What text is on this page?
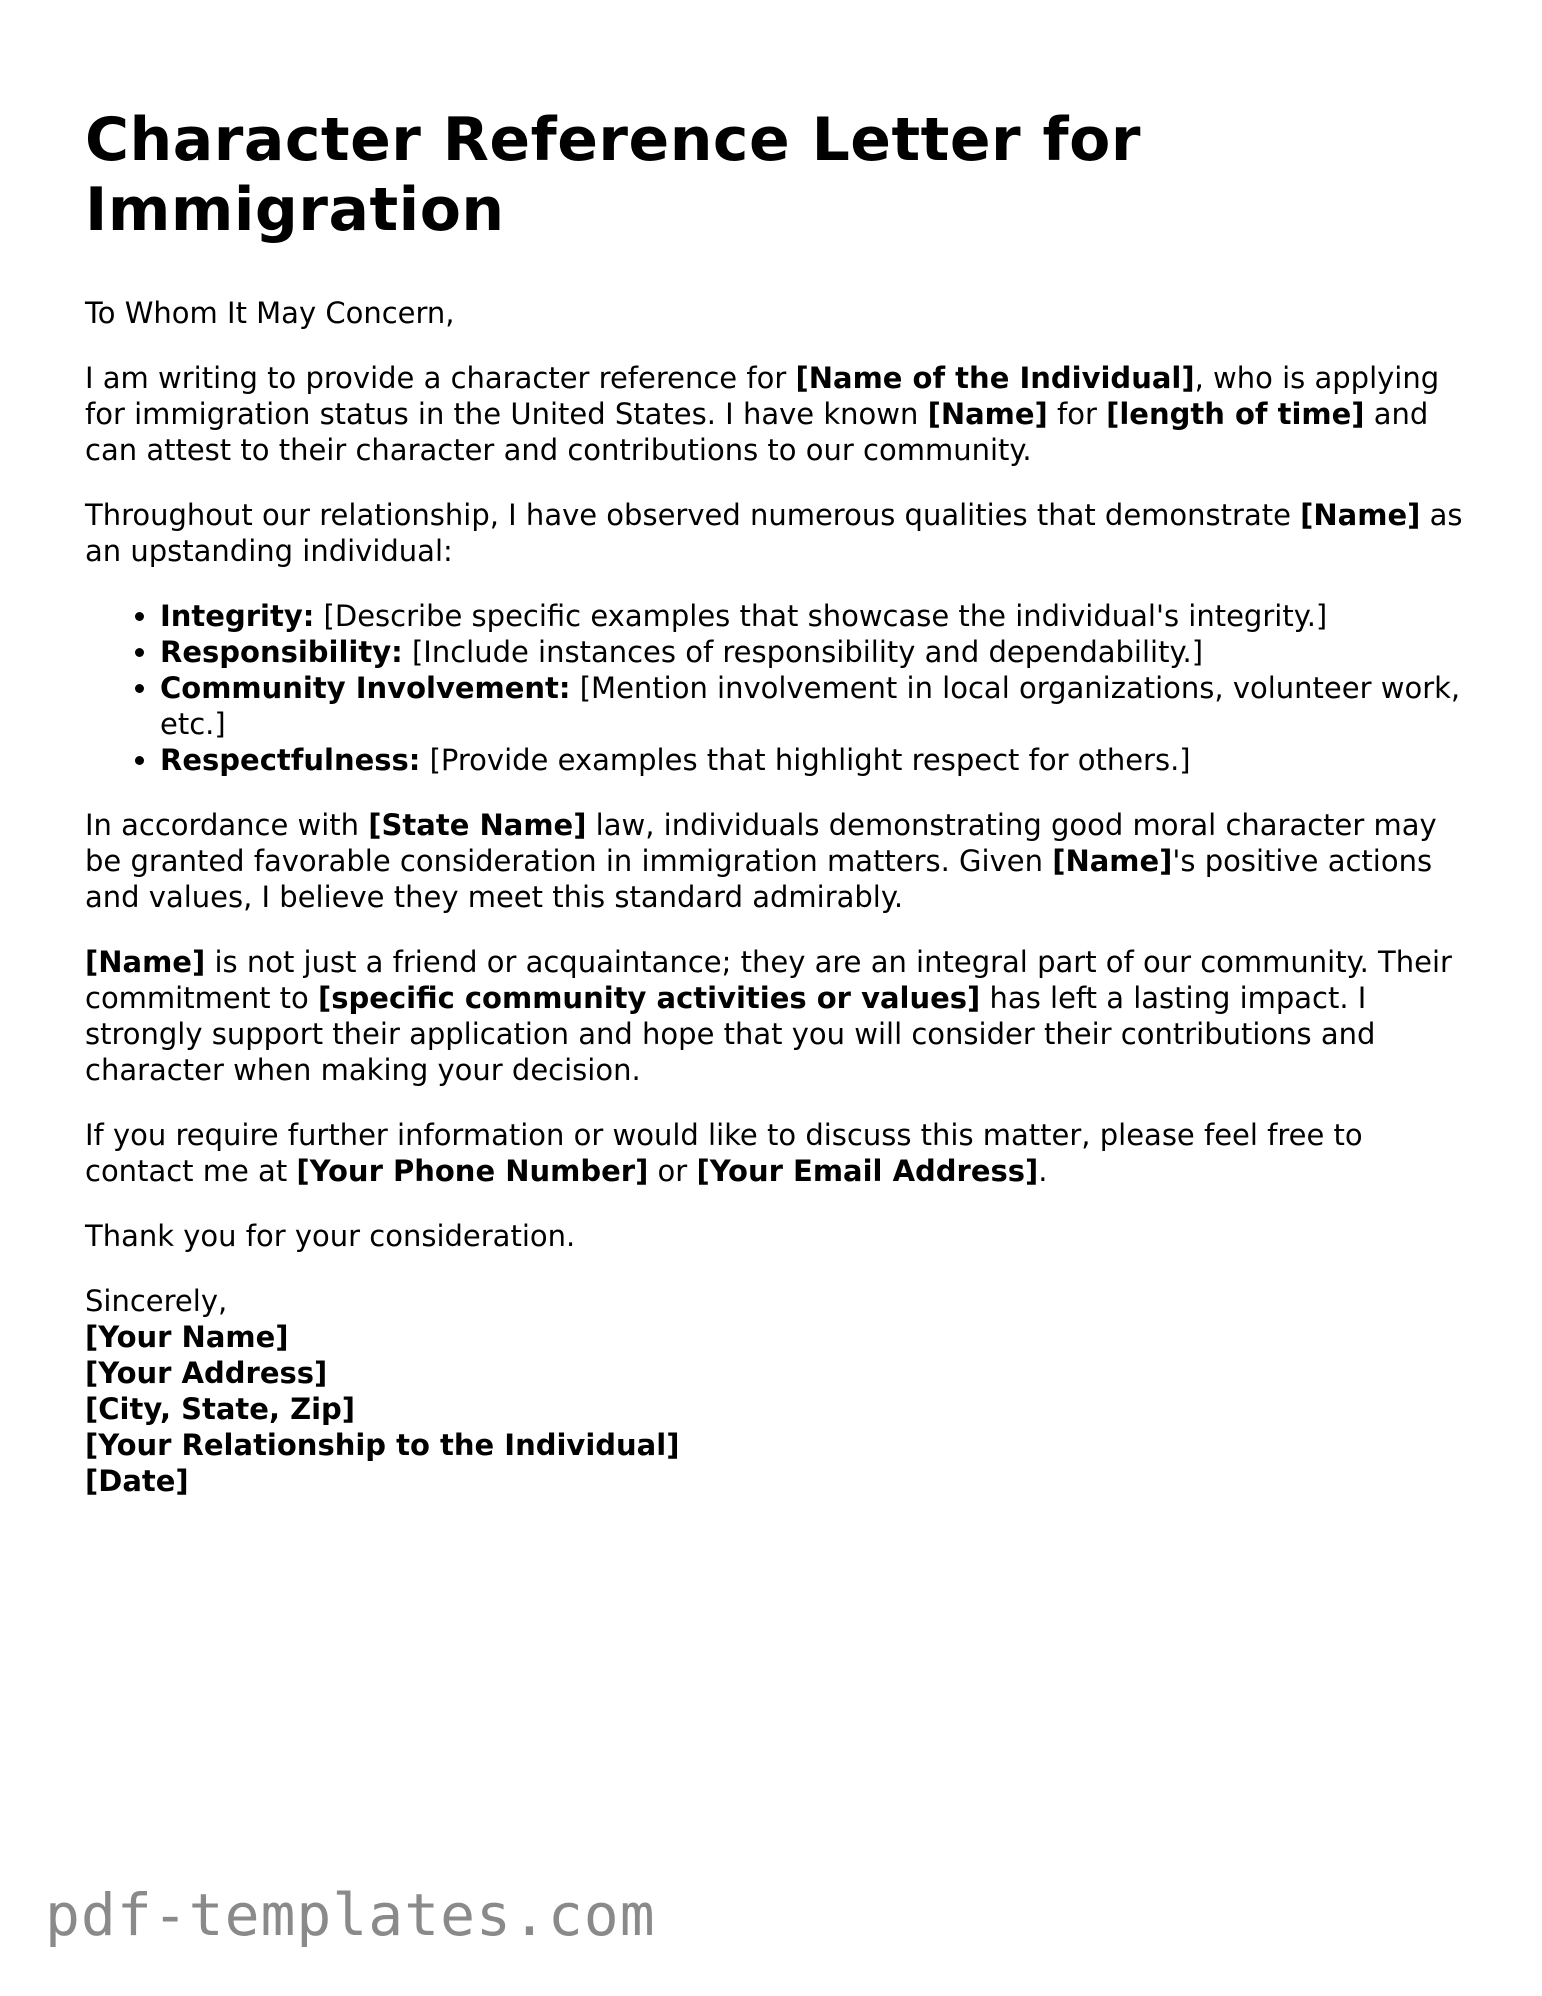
Character Reference Letter for Immigration

To Whom It May Concern,

I am writing to provide a character reference for [Name of the Individual], who is applying for immigration status in the United States. I have known [Name] for [length of time] and can attest to their character and contributions to our community.

Throughout our relationship, I have observed numerous qualities that demonstrate [Name] as an upstanding individual:

• Integrity: [Describe specific examples that showcase the individual's integrity.]
• Responsibility: [Include instances of responsibility and dependability.]
• Community Involvement: [Mention involvement in local organizations, volunteer work, etc.]
• Respectfulness: [Provide examples that highlight respect for others.]

In accordance with [State Name] law, individuals demonstrating good moral character may be granted favorable consideration in immigration matters. Given [Name]'s positive actions and values, I believe they meet this standard admirably.

[Name] is not just a friend or acquaintance; they are an integral part of our community. Their commitment to [specific community activities or values] has left a lasting impact. I strongly support their application and hope that you will consider their contributions and character when making your decision.

If you require further information or would like to discuss this matter, please feel free to contact me at [Your Phone Number] or [Your Email Address].

Thank you for your consideration.

Sincerely,

[Your Name]

[Your Address]

[City, State, Zip]

[Your Relationship to the Individual]

[Date]

pdf-templates.com
